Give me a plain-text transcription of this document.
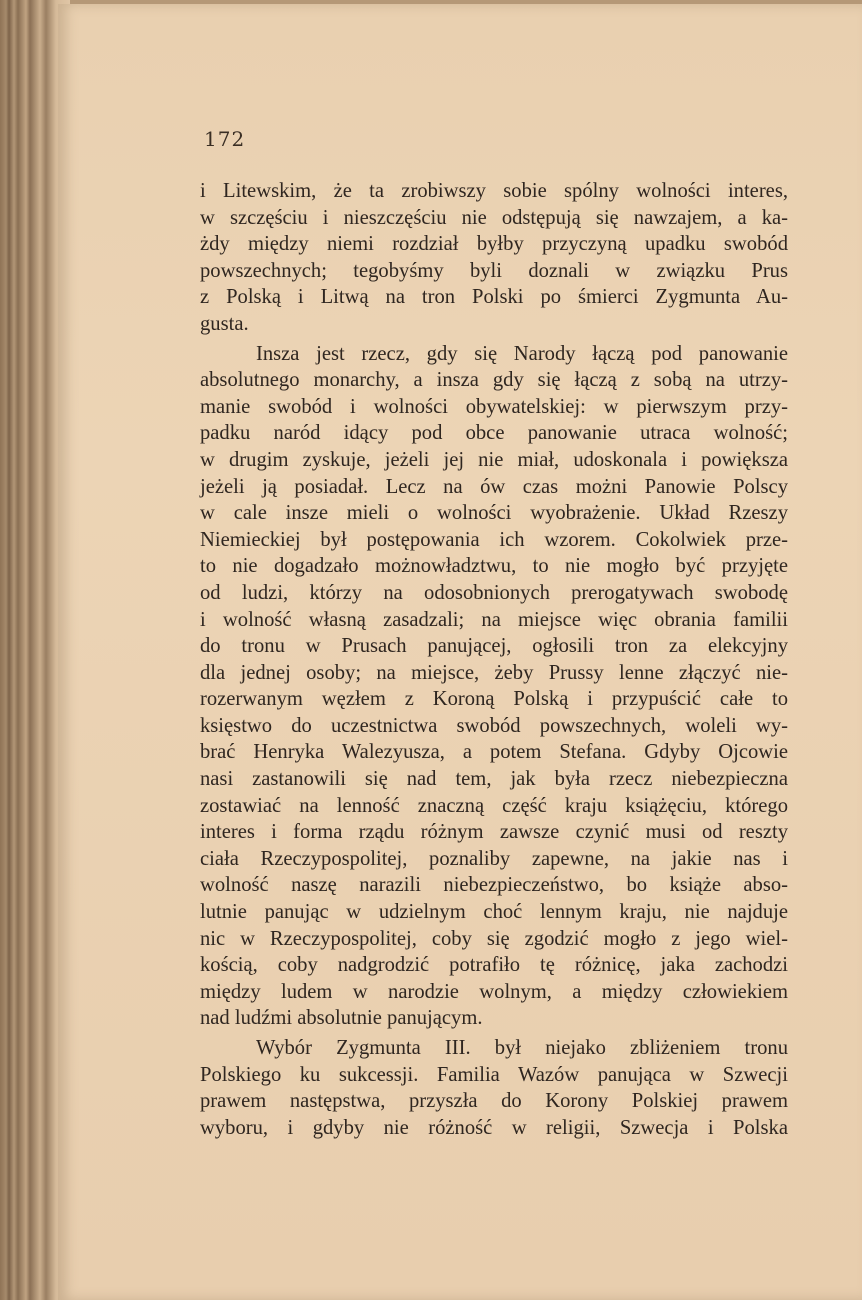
172
i Litewskim, że ta zrobiwszy sobie spólny wolności interes,
w szczęściu i nieszczęściu nie odstępują się nawzajem, a ka-
żdy między niemi rozdział byłby przyczyną upadku swobód
powszechnych; tegobyśmy byli doznali w związku Prus
z Polską i Litwą na tron Polski po śmierci Zygmunta Au-
gusta.
Insza jest rzecz, gdy się Narody łączą pod panowanie
absolutnego monarchy, a insza gdy się łączą z sobą na utrzy-
manie swobód i wolności obywatelskiej: w pierwszym przy-
padku naród idący pod obce panowanie utraca wolność;
w drugim zyskuje, jeżeli jej nie miał, udoskonala i powiększa
jeżeli ją posiadał. Lecz na ów czas możni Panowie Polscy
w cale insze mieli o wolności wyobrażenie. Układ Rzeszy
Niemieckiej był postępowania ich wzorem. Cokolwiek prze-
to nie dogadzało możnowładztwu, to nie mogło być przyjęte
od ludzi, którzy na odosobnionych prerogatywach swobodę
i wolność własną zasadzali; na miejsce więc obrania familii
do tronu w Prusach panującej, ogłosili tron za elekcyjny
dla jednej osoby; na miejsce, żeby Prussy lenne złączyć nie-
rozerwanym węzłem z Koroną Polską i przypuścić całe to
księstwo do uczestnictwa swobód powszechnych, woleli wy-
brać Henryka Walezyusza, a potem Stefana. Gdyby Ojcowie
nasi zastanowili się nad tem, jak była rzecz niebezpieczna
zostawiać na lenność znaczną część kraju książęciu, którego
interes i forma rządu różnym zawsze czynić musi od reszty
ciała Rzeczypospolitej, poznaliby zapewne, na jakie nas i
wolność naszę narazili niebezpieczeństwo, bo książe abso-
lutnie panując w udzielnym choć lennym kraju, nie najduje
nic w Rzeczypospolitej, coby się zgodzić mogło z jego wiel-
kością, coby nadgrodzić potrafiło tę różnicę, jaka zachodzi
między ludem w narodzie wolnym, a między człowiekiem
nad ludźmi absolutnie panującym.
Wybór Zygmunta III. był niejako zbliżeniem tronu
Polskiego ku sukcessji. Familia Wazów panująca w Szwecji
prawem następstwa, przyszła do Korony Polskiej prawem
wyboru, i gdyby nie różność w religii, Szwecja i Polska
